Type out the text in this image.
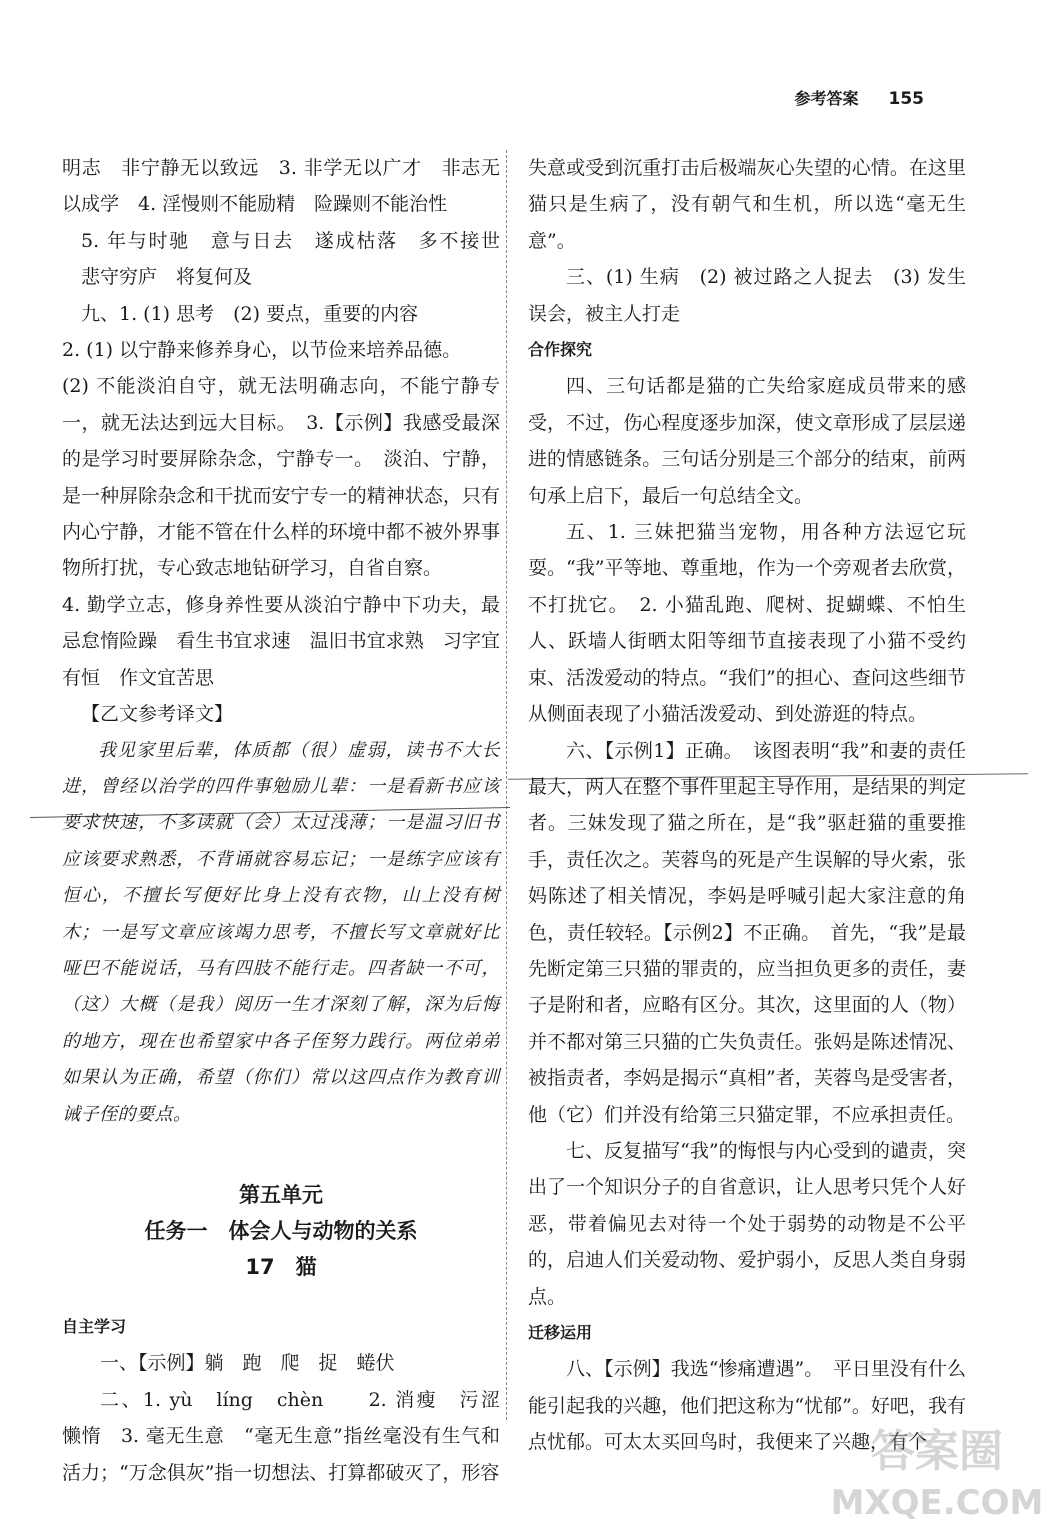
参考答案 155

明志　非宁静无以致远　3. 非学无以广才　非志无以成学　4. 淫慢则不能励精　险躁则不能治性

5. 年与时驰　意与日去　遂成枯落　多不接世　悲守穷庐　将复何及

九、1. (1) 思考　(2) 要点，重要的内容

2. (1) 以宁静来修养身心，以节俭来培养品德。

(2) 不能淡泊自守，就无法明确志向，不能宁静专一，就无法达到远大目标。　3.【示例】我感受最深的是学习时要屏除杂念，宁静专一。　淡泊、宁静，是一种屏除杂念和干扰而安宁专一的精神状态，只有内心宁静，才能不管在什么样的环境中都不被外界事物所打扰，专心致志地钻研学习，自省自察。

4. 勤学立志，修身养性要从淡泊宁静中下功夫，最忌怠惰险躁　看生书宜求速　温旧书宜求熟　习字宜有恒　作文宜苦思

【乙文参考译文】

我见家里后辈，体质都（很）虚弱，读书不大长进，曾经以治学的四件事勉励儿辈：一是看新书应该要求快速，不多读就（会）太过浅薄；一是温习旧书应该要求熟悉，不背诵就容易忘记；一是练字应该有恒心，不擅长写便好比身上没有衣物，山上没有树木；一是写文章应该竭力思考，不擅长写文章就好比哑巴不能说话，马有四肢不能行走。四者缺一不可，（这）大概（是我）阅历一生才深刻了解，深为后悔的地方，现在也希望家中各子侄努力践行。两位弟弟如果认为正确，希望（你们）常以这四点作为教育训诫子侄的要点。

第五单元

任务一　体会人与动物的关系

17　猫

自主学习

一、【示例】躺　跑　爬　捉　蜷伏

二、1. yù　líng　chèn　　2. 消瘦　污涩　懒惰　3. 毫无生意　“毫无生意”指丝毫没有生气和活力；“万念俱灰”指一切想法、打算都破灭了，形容

失意或受到沉重打击后极端灰心失望的心情。在这里猫只是生病了，没有朝气和生机，所以选“毫无生意”。

三、(1) 生病　(2) 被过路之人捉去　(3) 发生误会，被主人打走

合作探究

四、三句话都是猫的亡失给家庭成员带来的感受，不过，伤心程度逐步加深，使文章形成了层层递进的情感链条。三句话分别是三个部分的结束，前两句承上启下，最后一句总结全文。

五、1. 三妹把猫当宠物，用各种方法逗它玩耍。“我”平等地、尊重地，作为一个旁观者去欣赏，不打扰它。　2. 小猫乱跑、爬树、捉蝴蝶、不怕生人、跃墙人街晒太阳等细节直接表现了小猫不受约束、活泼爱动的特点。“我们”的担心、查问这些细节从侧面表现了小猫活泼爱动、到处游逛的特点。

六、【示例1】正确。　该图表明“我”和妻的责任最大，两人在整个事件里起主导作用，是结果的判定者。三妹发现了猫之所在，是“我”驱赶猫的重要推手，责任次之。芙蓉鸟的死是产生误解的导火索，张妈陈述了相关情况，李妈是呼喊引起大家注意的角色，责任较轻。【示例2】不正确。　首先，“我”是最先断定第三只猫的罪责的，应当担负更多的责任，妻子是附和者，应略有区分。其次，这里面的人（物）并不都对第三只猫的亡失负责任。张妈是陈述情况、被指责者，李妈是揭示“真相”者，芙蓉鸟是受害者，他（它）们并没有给第三只猫定罪，不应承担责任。

七、反复描写“我”的悔恨与内心受到的谴责，突出了一个知识分子的自省意识，让人思考只凭个人好恶，带着偏见去对待一个处于弱势的动物是不公平的，启迪人们关爱动物、爱护弱小，反思人类自身弱点。

迁移运用

八、【示例】我选“惨痛遭遇”。　平日里没有什么能引起我的兴趣，他们把这称为“忧郁”。好吧，我有点忧郁。可太太买回鸟时，我便来了兴趣，有个

答案圈
MXQE.COM
